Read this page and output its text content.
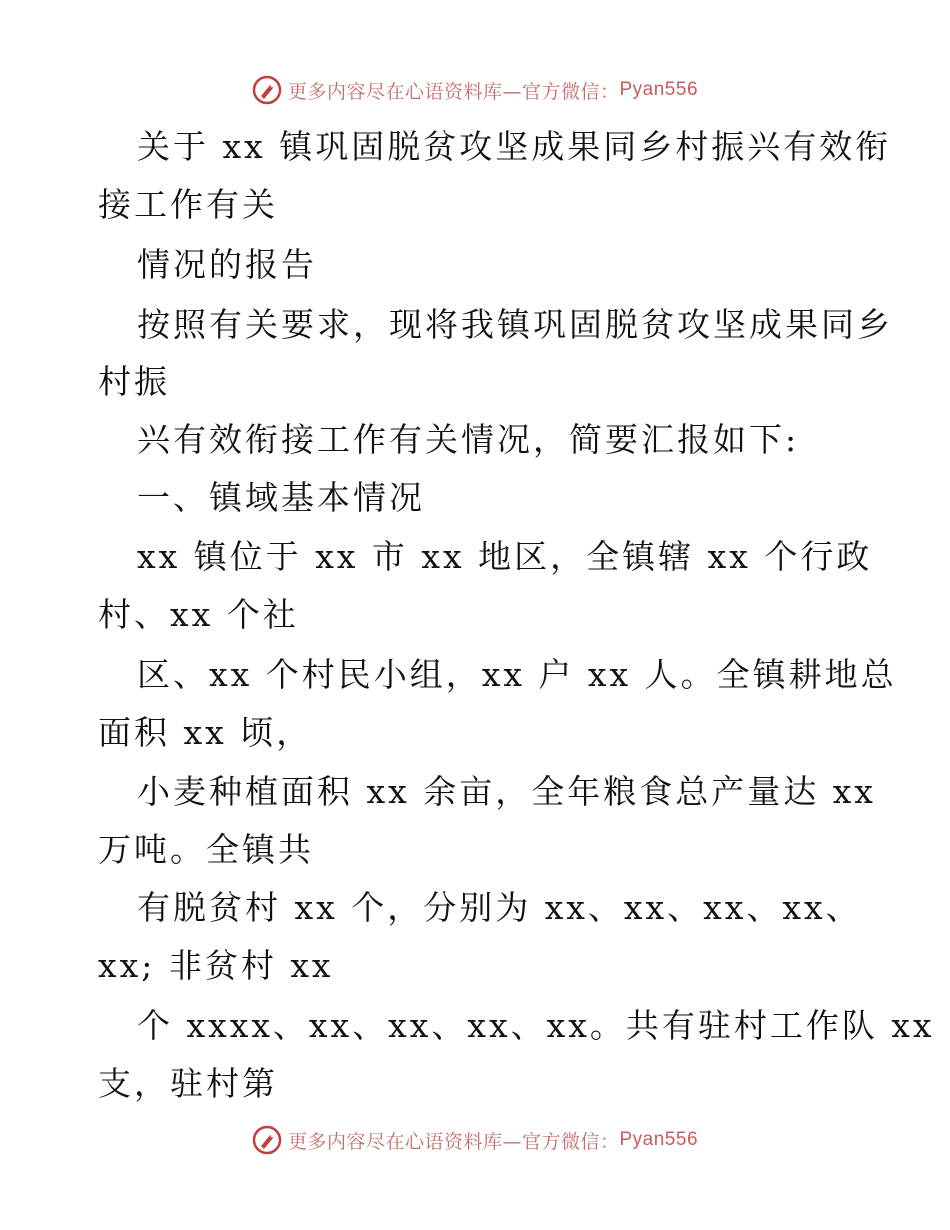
更多内容尽在心语资料库—官方微信： Pyan556
关于 xx 镇巩固脱贫攻坚成果同乡村振兴有效衔
接工作有关
情况的报告
按照有关要求，现将我镇巩固脱贫攻坚成果同乡
村振
兴有效衔接工作有关情况，简要汇报如下:
一、镇域基本情况
xx 镇位于 xx 市 xx 地区，全镇辖 xx 个行政
村、xx 个社
区、xx 个村民小组，xx 户 xx 人。全镇耕地总
面积 xx 顷，
小麦种植面积 xx 余亩，全年粮食总产量达 xx
万吨。全镇共
有脱贫村 xx 个，分别为 xx、xx、xx、xx、
xx; 非贫村 xx
个 xxxx、xx、xx、xx、xx。共有驻村工作队 xx
支，驻村第
更多内容尽在心语资料库—官方微信： Pyan556
